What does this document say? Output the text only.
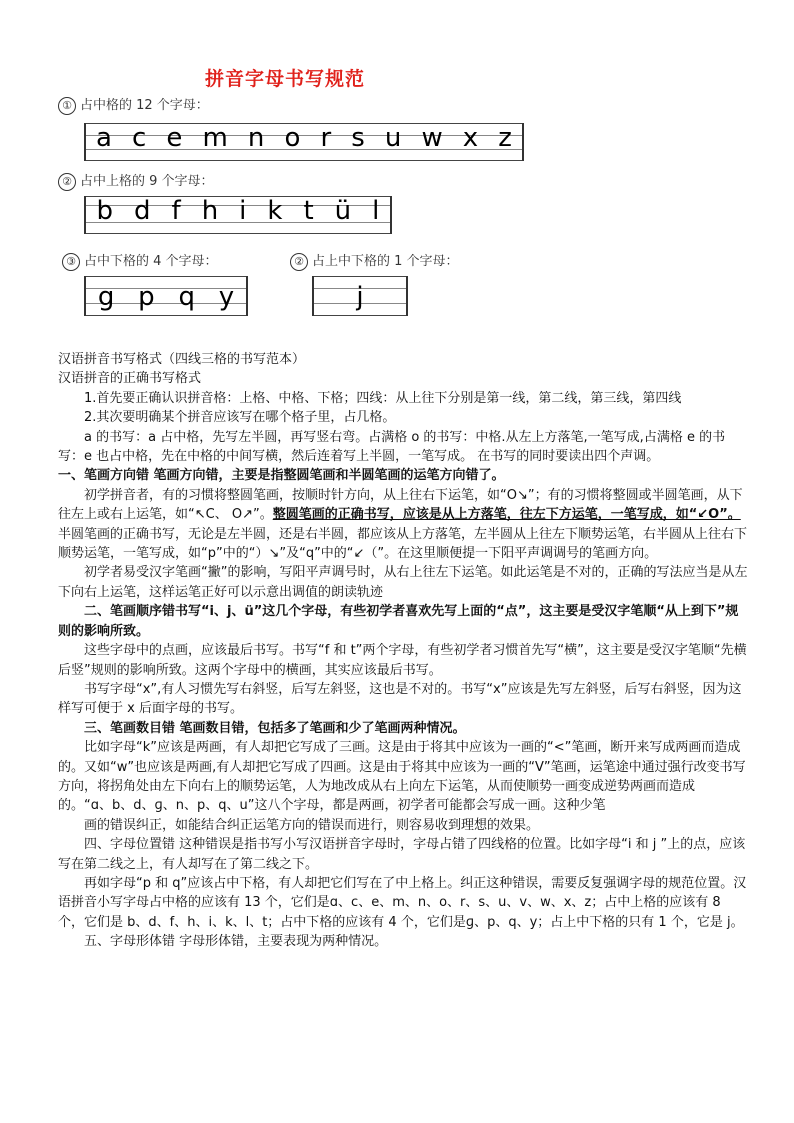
拼音字母书写规范
① 占中格的 12 个字母：
a c e m n o r s u w x z
② 占中上格的 9 个字母：
b d f h i k t ü l
③ 占中下格的 4 个字母：
g p q y
② 占上中下格的 1 个字母：
j

汉语拼音书写格式（四线三格的书写范本）

汉语拼音的正确书写格式

1.首先要正确认识拼音格：上格、中格、下格；四线：从上往下分别是第一线，第二线，第三线，第四线

2.其次要明确某个拼音应该写在哪个格子里，占几格。

a 的书写：a 占中格，先写左半圆，再写竖右弯。占满格 o 的书写：中格.从左上方落笔,一笔写成,占满格 e 的书写：e 也占中格，先在中格的中间写横，然后连着写上半圆，一笔写成。 在书写的同时要读出四个声调。

一、笔画方向错 笔画方向错，主要是指整圆笔画和半圆笔画的运笔方向错了。

初学拼音者，有的习惯将整圆笔画，按顺时针方向，从上往右下运笔，如“O↘”；有的习惯将整圆或半圆笔画，从下往左上或右上运笔，如“↖C、 O↗”。整圆笔画的正确书写，应该是从上方落笔，往左下方运笔，一笔写成，如“↙O”。半圆笔画的正确书写，无论是左半圆，还是右半圆，都应该从上方落笔，左半圆从上往左下顺势运笔，右半圆从上往右下顺势运笔，一笔写成，如“p”中的“）↘”及“q”中的“↙（”。在这里顺便提一下阳平声调调号的笔画方向。

初学者易受汉字笔画“撇”的影响，写阳平声调号时，从右上往左下运笔。如此运笔是不对的，正确的写法应当是从左下向右上运笔，这样运笔正好可以示意出调值的朗读轨迹

二、笔画顺序错书写“i、j、ü”这几个字母，有些初学者喜欢先写上面的“点”，这主要是受汉字笔顺“从上到下”规则的影响所致。

这些字母中的点画，应该最后书写。书写“f 和 t”两个字母，有些初学者习惯首先写“横”，这主要是受汉字笔顺“先横后竖”规则的影响所致。这两个字母中的横画，其实应该最后书写。

书写字母“x”,有人习惯先写右斜竖，后写左斜竖，这也是不对的。书写“x”应该是先写左斜竖，后写右斜竖，因为这样写可便于 x 后面字母的书写。

三、笔画数目错 笔画数目错，包括多了笔画和少了笔画两种情况。

比如字母“k”应该是两画，有人却把它写成了三画。这是由于将其中应该为一画的“<”笔画，断开来写成两画而造成的。又如“w”也应该是两画,有人却把它写成了四画。这是由于将其中应该为一画的“V”笔画，运笔途中通过强行改变书写方向，将拐角处由左下向右上的顺势运笔，人为地改成从右上向左下运笔，从而使顺势一画变成逆势两画而造成的。“ɑ、b、d、ɡ、n、p、q、u”这八个字母，都是两画，初学者可能都会写成一画。这种少笔

画的错误纠正，如能结合纠正运笔方向的错误而进行，则容易收到理想的效果。

四、字母位置错 这种错误是指书写小写汉语拼音字母时，字母占错了四线格的位置。比如字母“i 和 j ”上的点，应该写在第二线之上，有人却写在了第二线之下。

再如字母“p 和 q”应该占中下格，有人却把它们写在了中上格上。纠正这种错误，需要反复强调字母的规范位置。汉语拼音小写字母占中格的应该有 13 个，它们是ɑ、c、e、m、n、o、r、s、u、v、w、x、z；占中上格的应该有 8 个，它们是 b、d、f、h、i、k、l、t；占中下格的应该有 4 个，它们是ɡ、p、q、y；占上中下格的只有 1 个，它是 j。

五、字母形体错 字母形体错，主要表现为两种情况。
